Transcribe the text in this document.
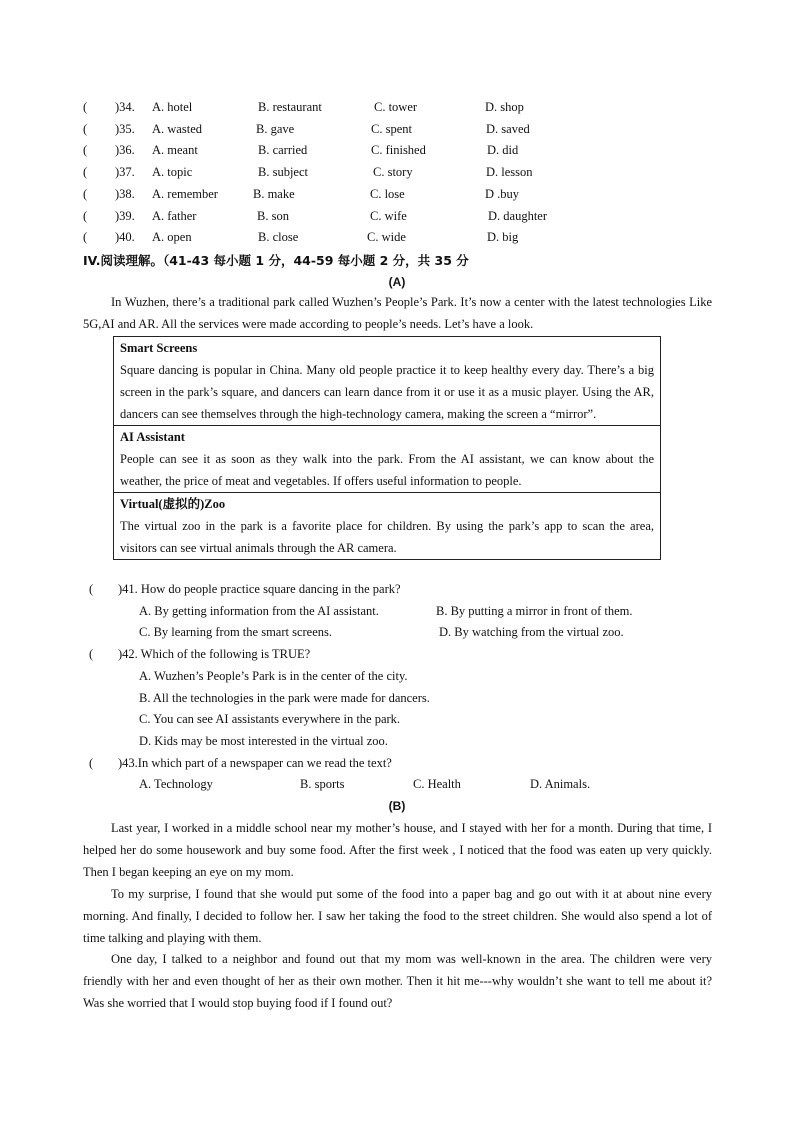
( )34. A. hotel	B. restaurant	C. tower	D. shop
( )35. A. wasted	B. gave	C. spent	D. saved
( )36. A. meant	B. carried	C. finished	D. did
( )37. A. topic	B. subject	C. story	D. lesson
( )38. A. remember	B. make	C. lose	D .buy
( )39. A. father	B. son	C. wife	D. daughter
( )40. A. open	B. close	C. wide	D. big
IV.阅读理解。（41-43 每小题 1 分，44-59 每小题 2 分，共 35 分
(A)
In Wuzhen, there’s a traditional park called Wuzhen’s People’s Park. It’s now a center with the latest technologies Like 5G,AI and AR. All the services were made according to people’s needs. Let’s have a look.
Smart Screens
Square dancing is popular in China. Many old people practice it to keep healthy every day. There’s a big screen in the park’s square, and dancers can learn dance from it or use it as a music player. Using the AR, dancers can see themselves through the high-technology camera, making the screen a “mirror”.
AI Assistant
People can see it as soon as they walk into the park. From the AI assistant, we can know about the weather, the price of meat and vegetables. If offers useful information to people.
Virtual(虚拟的)Zoo
The virtual zoo in the park is a favorite place for children. By using the park’s app to scan the area, visitors can see virtual animals through the AR camera.
( )41. How do people practice square dancing in the park?
A. By getting information from the AI assistant.	B. By putting a mirror in front of them.
C. By learning from the smart screens.	D. By watching from the virtual zoo.
( )42. Which of the following is TRUE?
A. Wuzhen’s People’s Park is in the center of the city.
B. All the technologies in the park were made for dancers.
C. You can see AI assistants everywhere in the park.
D. Kids may be most interested in the virtual zoo.
( )43.In which part of a newspaper can we read the text?
A. Technology	B. sports	C. Health	D. Animals.
(B)
Last year, I worked in a middle school near my mother’s house, and I stayed with her for a month. During that time, I helped her do some housework and buy some food. After the first week , I noticed that the food was eaten up very quickly. Then I began keeping an eye on my mom.
To my surprise, I found that she would put some of the food into a paper bag and go out with it at about nine every morning. And finally, I decided to follow her. I saw her taking the food to the street children. She would also spend a lot of time talking and playing with them.
One day, I talked to a neighbor and found out that my mom was well-known in the area. The children were very friendly with her and even thought of her as their own mother. Then it hit me---why wouldn’t she want to tell me about it? Was she worried that I would stop buying food if I found out?
